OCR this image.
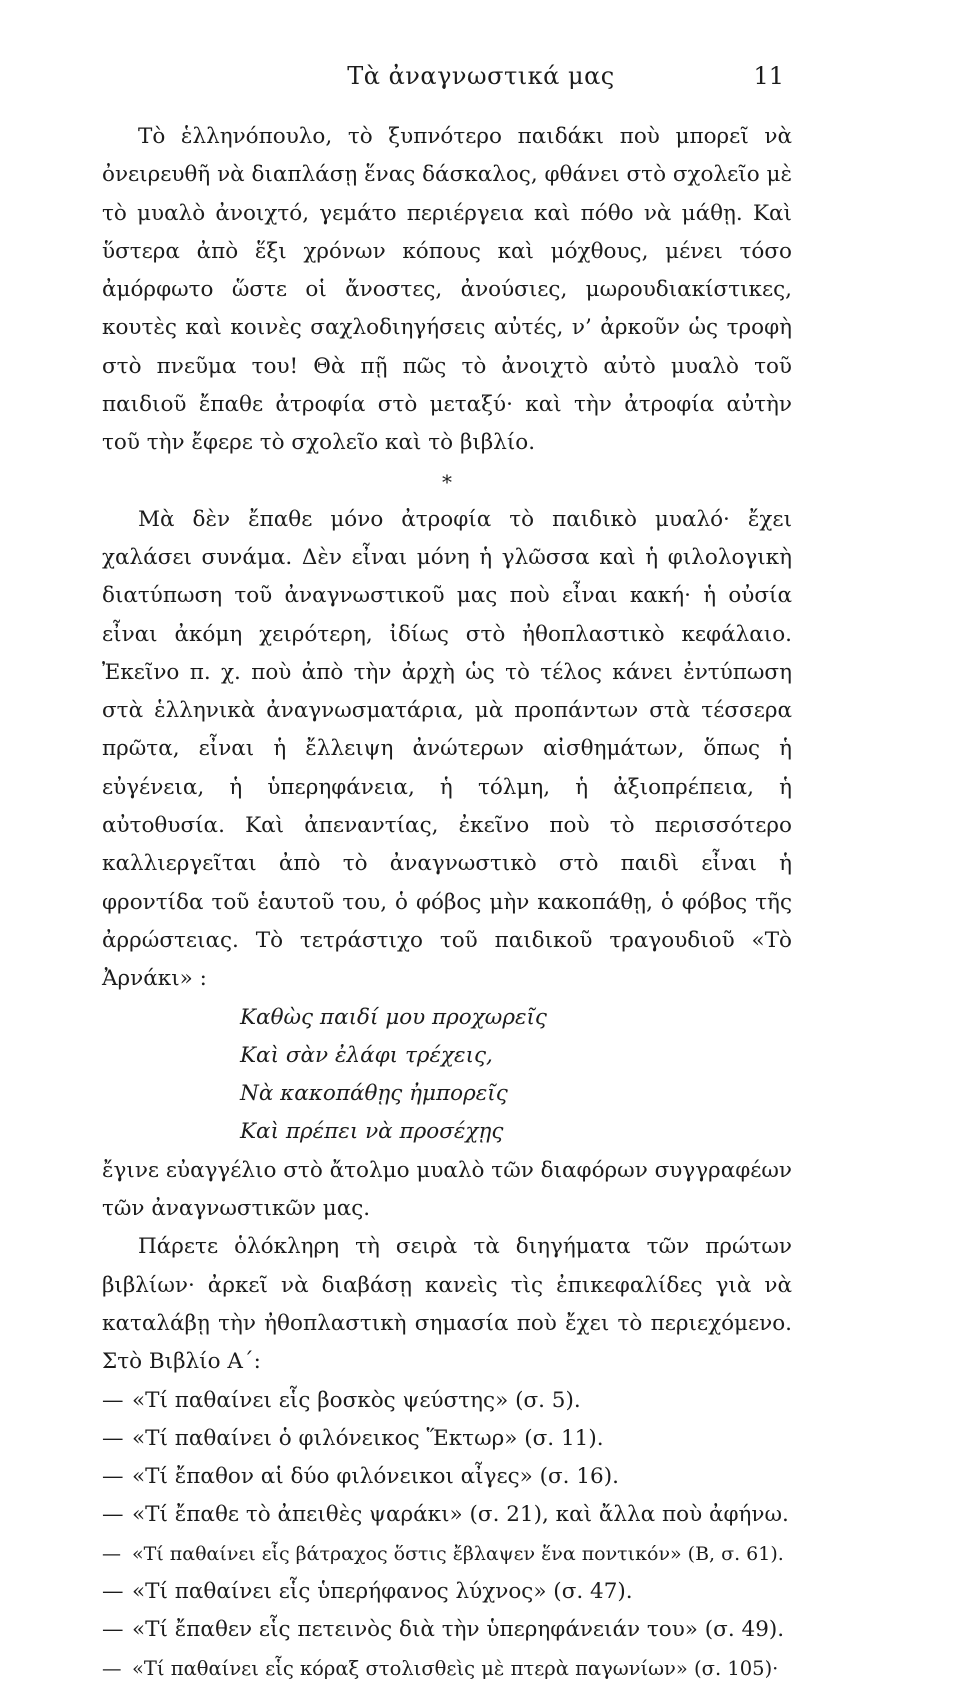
Τὰ ἀναγνωστικά μας	11

Τὸ ἑλληνόπουλο, τὸ ξυπνότερο παιδάκι ποὺ μπορεῖ νὰ ὀνειρευθῆ νὰ διαπλάσῃ ἕνας δάσκαλος, φθάνει στὸ σχολεῖο μὲ τὸ μυαλὸ ἀνοιχτό, γεμάτο περιέργεια καὶ πόθο νὰ μάθῃ. Καὶ ὕστερα ἀπὸ ἕξι χρόνων κόπους καὶ μόχθους, μένει τόσο ἀμόρφωτο ὥστε οἱ ἄνοστες, ἀνούσιες, μωρουδιακίστικες, κουτὲς καὶ κοινὲς σαχλοδιηγήσεις αὐτές, ν’ ἀρκοῦν ὡς τροφὴ στὸ πνεῦμα του! Θὰ πῇ πῶς τὸ ἀνοιχτὸ αὐτὸ μυαλὸ τοῦ παιδιοῦ ἔπαθε ἀτροφία στὸ μεταξύ· καὶ τὴν ἀτροφία αὐτὴν τοῦ τὴν ἔφερε τὸ σχολεῖο καὶ τὸ βιβλίο.

*

Μὰ δὲν ἔπαθε μόνο ἀτροφία τὸ παιδικὸ μυαλό· ἔχει χαλάσει συνάμα. Δὲν εἶναι μόνη ἡ γλῶσσα καὶ ἡ φιλολογικὴ διατύπωση τοῦ ἀναγνωστικοῦ μας ποὺ εἶναι κακή· ἡ οὐσία εἶναι ἀκόμη χειρότερη, ἰδίως στὸ ἠθοπλαστικὸ κεφάλαιο. Ἐκεῖνο π. χ. ποὺ ἀπὸ τὴν ἀρχὴ ὡς τὸ τέλος κάνει ἐντύπωση στὰ ἑλληνικὰ ἀναγνωσματάρια, μὰ προπάντων στὰ τέσσερα πρῶτα, εἶναι ἡ ἔλλειψη ἀνώτερων αἰσθημάτων, ὅπως ἡ εὐγένεια, ἡ ὑπερηφάνεια, ἡ τόλμη, ἡ ἀξιοπρέπεια, ἡ αὐτοθυσία. Καὶ ἀπεναντίας, ἐκεῖνο ποὺ τὸ περισσότερο καλλιεργεῖται ἀπὸ τὸ ἀναγνωστικὸ στὸ παιδὶ εἶναι ἡ φροντίδα τοῦ ἑαυτοῦ του, ὁ φόβος μὴν κακοπάθῃ, ὁ φόβος τῆς ἀρρώστειας. Τὸ τετράστιχο τοῦ παιδικοῦ τραγουδιοῦ «Τὸ Ἀρνάκι» :

Καθὼς παιδί μου προχωρεῖς
Καὶ σὰν ἐλάφι τρέχεις,
Νὰ κακοπάθῃς ἠμπορεῖς
Καὶ πρέπει νὰ προσέχῃς

ἔγινε εὐαγγέλιο στὸ ἄτολμο μυαλὸ τῶν διαφόρων συγγραφέων τῶν ἀναγνωστικῶν μας.

Πάρετε ὁλόκληρη τὴ σειρὰ τὰ διηγήματα τῶν πρώτων βιβλίων· ἀρκεῖ νὰ διαβάσῃ κανεὶς τὶς ἐπικεφαλίδες γιὰ νὰ καταλάβῃ τὴν ἠθοπλαστικὴ σημασία ποὺ ἔχει τὸ περιεχόμενο. Στὸ Βιβλίο Α΄:

— «Τί παθαίνει εἷς βοσκὸς ψεύστης» (σ. 5).
— «Τί παθαίνει ὁ φιλόνεικος Ἕκτωρ» (σ. 11).
— «Τί ἔπαθον αἱ δύο φιλόνεικοι αἶγες» (σ. 16).
— «Τί ἔπαθε τὸ ἀπειθὲς ψαράκι» (σ. 21), καὶ ἄλλα ποὺ ἀφήνω.
— «Τί παθαίνει εἷς βάτραχος ὅστις ἔβλαψεν ἕνα ποντικόν» (Β, σ. 61).
— «Τί παθαίνει εἷς ὑπερήφανος λύχνος» (σ. 47).
— «Τί ἔπαθεν εἷς πετεινὸς διὰ τὴν ὑπερηφάνειάν του» (σ. 49).
— «Τί παθαίνει εἷς κόραξ στολισθεὶς μὲ πτερὰ παγωνίων» (σ. 105)·
